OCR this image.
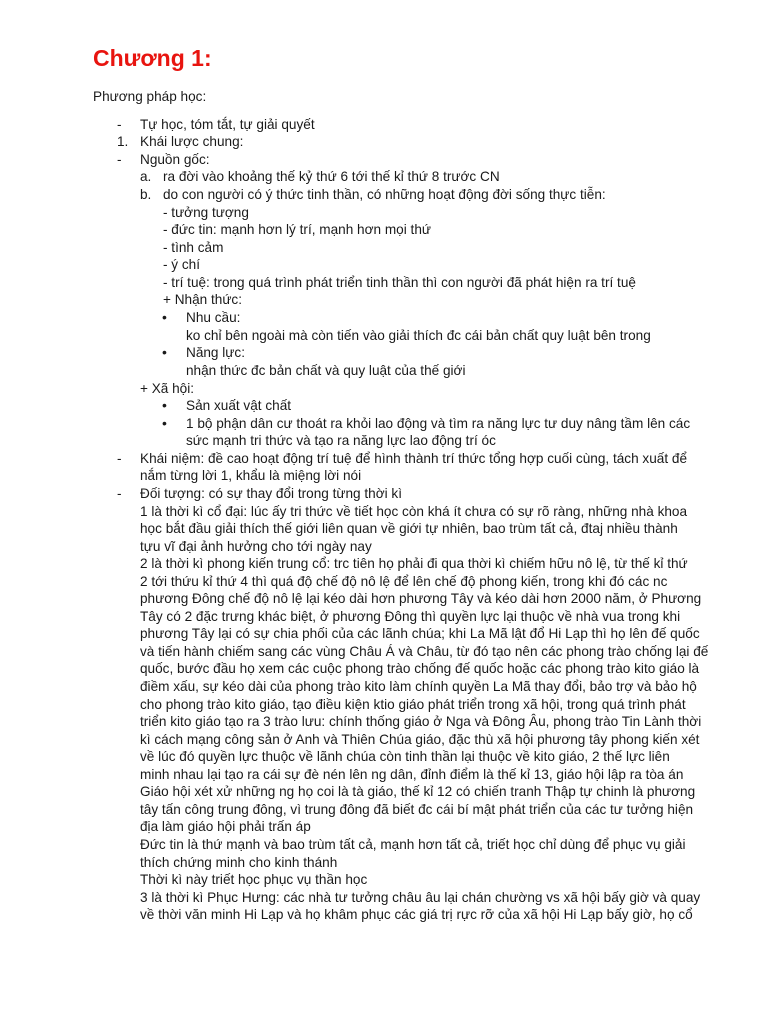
Chương 1:
Phương pháp học:
- Tự học, tóm tắt, tự giải quyết
1. Khái lược chung:
- Nguồn gốc:
a. ra đời vào khoảng thế kỷ thứ 6 tới thế kỉ thứ 8 trước CN
b. do con người có ý thức tinh thần, có những hoạt động đời sống thực tiễn:
- tưởng tượng
- đức tin: mạnh hơn lý trí, mạnh hơn mọi thứ
- tình cảm
- ý chí
- trí tuệ: trong quá trình phát triển tinh thần thì con người đã phát hiện ra trí tuệ
+ Nhận thức:
• Nhu cầu:
ko chỉ bên ngoài mà còn tiến vào giải thích đc cái bản chất quy luật bên trong
• Năng lực:
nhận thức đc bản chất và quy luật của thế giới
+ Xã hội:
• Sản xuất vật chất
• 1 bộ phận dân cư thoát ra khỏi lao động và tìm ra năng lực tư duy nâng tầm lên các
sức mạnh tri thức và tạo ra năng lực lao động trí óc
- Khái niệm: đề cao hoạt động trí tuệ để hình thành trí thức tổng hợp cuối cùng, tách xuất để
nắm từng lời 1, khẩu là miệng lời nói
- Đối tượng: có sự thay đổi trong từng thời kì
1 là thời kì cổ đại: lúc ấy tri thức về tiết học còn khá ít chưa có sự rõ ràng, những nhà khoa
học bắt đầu giải thích thế giới liên quan về giới tự nhiên, bao trùm tất cả, đtaj nhiều thành
tựu vĩ đại ảnh hưởng cho tới ngày nay
2 là thời kì phong kiến trung cổ: trc tiên họ phải đi qua thời kì chiếm hữu nô lệ, từ thế kỉ thứ
2 tới thứu kỉ thứ 4 thì quá độ chế độ nô lệ để lên chế độ phong kiến, trong khi đó các nc
phương Đông chế độ nô lệ lại kéo dài hơn phương Tây và kéo dài hơn 2000 năm, ở Phương
Tây có 2 đặc trưng khác biệt, ở phương Đông thì quyền lực lại thuộc về nhà vua trong khi
phương Tây lại có sự chia phối của các lãnh chúa; khi La Mã lật đổ Hi Lạp thì họ lên đế quốc
và tiến hành chiếm sang các vùng Châu Á và Châu, từ đó tạo nên các phong trào chống lại đế
quốc, bước đầu họ xem các cuộc phong trào chống đế quốc hoặc các phong trào kito giáo là
điềm xấu, sự kéo dài của phong trào kito làm chính quyền La Mã thay đổi, bảo trợ và bảo hộ
cho phong trào kito giáo, tạo điều kiện ktio giáo phát triển trong xã hội, trong quá trình phát
triển kito giáo tạo ra 3 trào lưu: chính thống giáo ở Nga và Đông Âu, phong trào Tin Lành thời
kì cách mạng công sản ở Anh và Thiên Chúa giáo, đặc thù xã hội phương tây phong kiến xét
về lúc đó quyền lực thuộc về lãnh chúa còn tinh thần lại thuộc về kito giáo, 2 thế lực liên
minh nhau lại tạo ra cái sự đè nén lên ng dân, đỉnh điểm là thế kỉ 13, giáo hội lập ra tòa án
Giáo hội xét xử những ng họ coi là tà giáo, thế kỉ 12 có chiến tranh Thập tự chinh là phương
tây tấn công trung đông, vì trung đông đã biết đc cái bí mật phát triển của các tư tưởng hiện
địa làm giáo hội phải trấn áp
Đức tin là thứ mạnh và bao trùm tất cả, mạnh hơn tất cả, triết học chỉ dùng để phục vụ giải
thích chứng minh cho kinh thánh
Thời kì này triết học phục vụ thần học
3 là thời kì Phục Hưng: các nhà tư tưởng châu âu lại chán chường vs xã hội bấy giờ và quay
về thời văn minh Hi Lạp và họ khâm phục các giá trị rực rỡ của xã hội Hi Lạp bấy giờ, họ cổ
